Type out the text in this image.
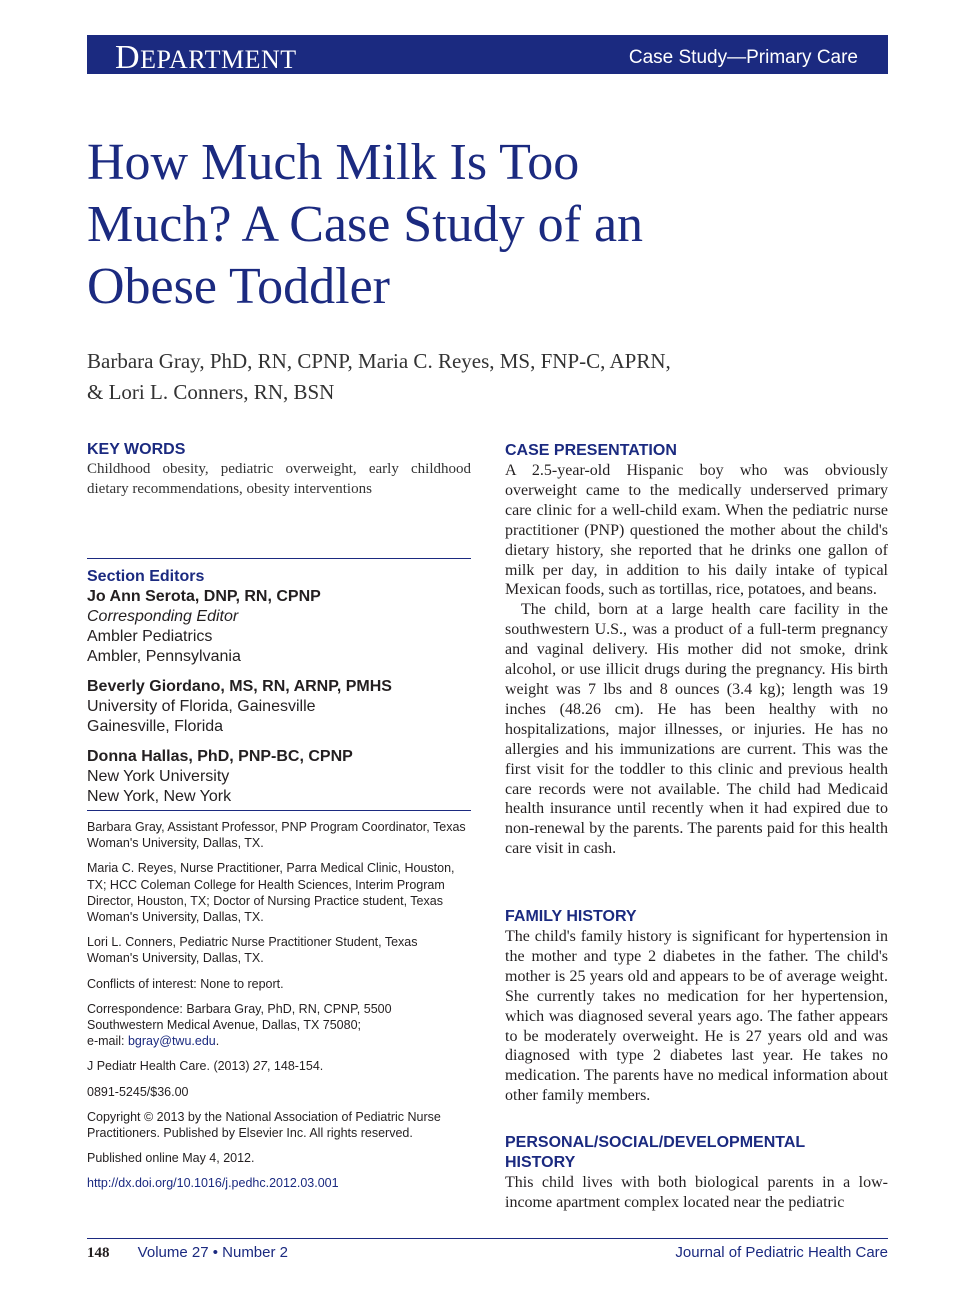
DEPARTMENT	Case Study—Primary Care
How Much Milk Is Too
Much? A Case Study of an
Obese Toddler
Barbara Gray, PhD, RN, CPNP, Maria C. Reyes, MS, FNP-C, APRN,
& Lori L. Conners, RN, BSN
KEY WORDS
Childhood obesity, pediatric overweight, early childhood dietary recommendations, obesity interventions
Section Editors
Jo Ann Serota, DNP, RN, CPNP
Corresponding Editor
Ambler Pediatrics
Ambler, Pennsylvania
Beverly Giordano, MS, RN, ARNP, PMHS
University of Florida, Gainesville
Gainesville, Florida
Donna Hallas, PhD, PNP-BC, CPNP
New York University
New York, New York

Barbara Gray, Assistant Professor, PNP Program Coordinator, Texas Woman's University, Dallas, TX.

Maria C. Reyes, Nurse Practitioner, Parra Medical Clinic, Houston, TX; HCC Coleman College for Health Sciences, Interim Program Director, Houston, TX; Doctor of Nursing Practice student, Texas Woman's University, Dallas, TX.

Lori L. Conners, Pediatric Nurse Practitioner Student, Texas Woman's University, Dallas, TX.

Conflicts of interest: None to report.

Correspondence: Barbara Gray, PhD, RN, CPNP, 5500 Southwestern Medical Avenue, Dallas, TX 75080;
e-mail: bgray@twu.edu.

J Pediatr Health Care. (2013) 27, 148-154.

0891-5245/$36.00

Copyright © 2013 by the National Association of Pediatric Nurse Practitioners. Published by Elsevier Inc. All rights reserved.

Published online May 4, 2012.

http://dx.doi.org/10.1016/j.pedhc.2012.03.001

CASE PRESENTATION

A 2.5-year-old Hispanic boy who was obviously overweight came to the medically underserved primary care clinic for a well-child exam. When the pediatric nurse practitioner (PNP) questioned the mother about the child's dietary history, she reported that he drinks one gallon of milk per day, in addition to his daily intake of typical Mexican foods, such as tortillas, rice, potatoes, and beans.

The child, born at a large health care facility in the southwestern U.S., was a product of a full-term pregnancy and vaginal delivery. His mother did not smoke, drink alcohol, or use illicit drugs during the pregnancy. His birth weight was 7 lbs and 8 ounces (3.4 kg); length was 19 inches (48.26 cm). He has been healthy with no hospitalizations, major illnesses, or injuries. He has no allergies and his immunizations are current. This was the first visit for the toddler to this clinic and previous health care records were not available. The child had Medicaid health insurance until recently when it had expired due to non-renewal by the parents. The parents paid for this health care visit in cash.

FAMILY HISTORY

The child's family history is significant for hypertension in the mother and type 2 diabetes in the father. The child's mother is 25 years old and appears to be of average weight. She currently takes no medication for her hypertension, which was diagnosed several years ago. The father appears to be moderately overweight. He is 27 years old and was diagnosed with type 2 diabetes last year. He takes no medication. The parents have no medical information about other family members.

PERSONAL/SOCIAL/DEVELOPMENTAL
HISTORY

This child lives with both biological parents in a low-income apartment complex located near the pediatric

148 Volume 27 • Number 2	Journal of Pediatric Health Care
